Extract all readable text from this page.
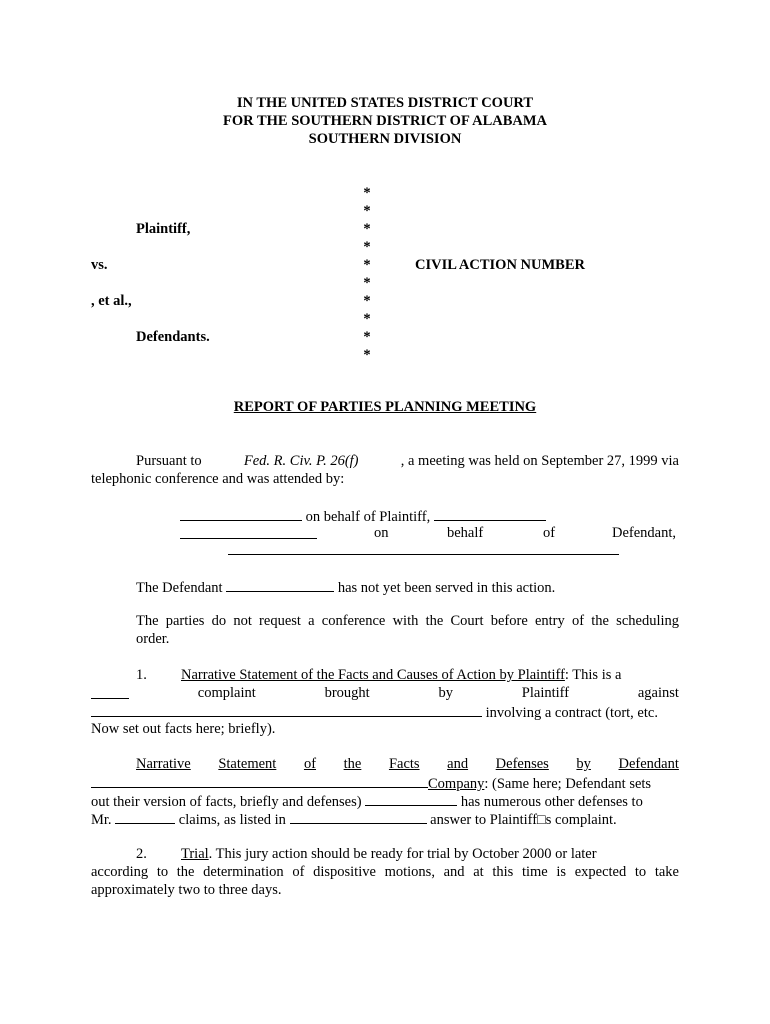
IN THE UNITED STATES DISTRICT COURT
FOR THE SOUTHERN DISTRICT OF ALABAMA
SOUTHERN DIVISION
*
*
*
*
*
*
*
*
*
*
Plaintiff,
vs.	CIVIL ACTION NUMBER
, et al.,
Defendants.
REPORT OF PARTIES PLANNING MEETING
Pursuant to	Fed. R. Civ. P. 26(f)	, a meeting was held on September 27, 1999 via
telephonic conference and was attended by:
on behalf of Plaintiff,
on	behalf	of	Defendant,
The Defendant	has not yet been served in this action.
The parties do not request a conference with the Court before entry of the scheduling
order.
1. Narrative Statement of the Facts and Causes of Action by Plaintiff: This is a
complaint	brought	by	Plaintiff	against
involving a contract (tort, etc.
Now set out facts here; briefly).
Narrative Statement of the Facts and Defenses by Defendant
Company: (Same here; Defendant sets
out their version of facts, briefly and defenses)	has numerous other defenses to
Mr.	claims, as listed in	answer to Plaintiff□s complaint.
2. Trial. This jury action should be ready for trial by October 2000 or later
according to the determination of dispositive motions, and at this time is expected to take
approximately two to three days.
